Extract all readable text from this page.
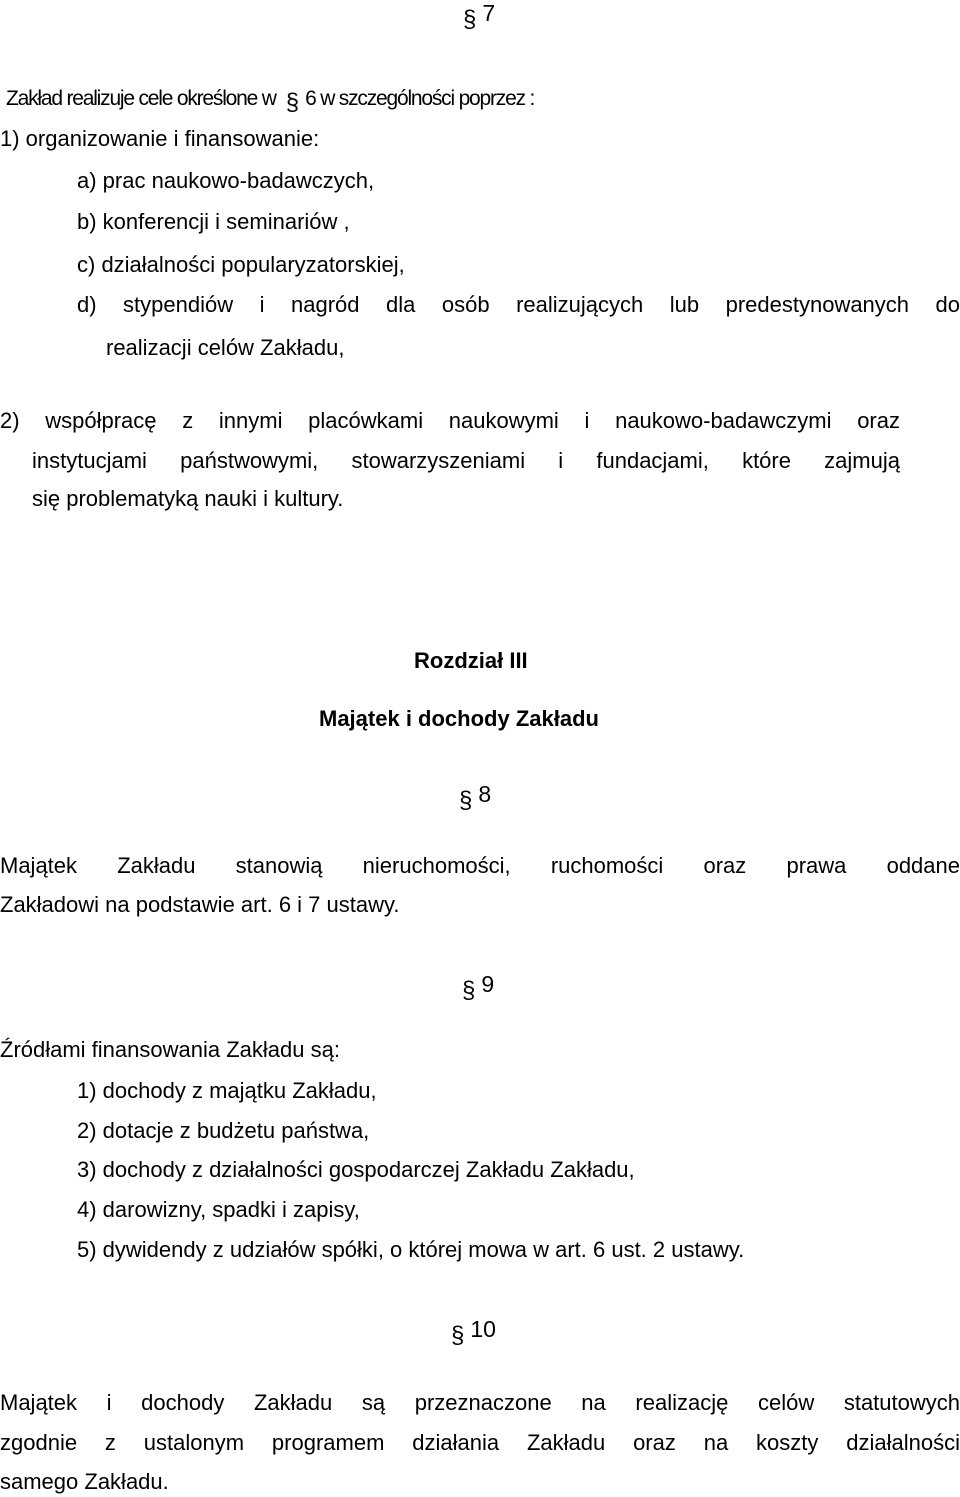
§ 7
Zakład realizuje cele określone w § 6 w szczególności poprzez :
1) organizowanie i finansowanie:
a) prac naukowo-badawczych,
b) konferencji i seminariów ,
c) działalności popularyzatorskiej,
d) stypendiów i nagród dla osób realizujących lub predestynowanych do
realizacji celów Zakładu,
2) współpracę z innymi placówkami naukowymi i naukowo-badawczymi oraz
instytucjami państwowymi, stowarzyszeniami i fundacjami, które zajmują
się problematyką nauki i kultury.
Rozdział III
Majątek i dochody Zakładu
§ 8
Majątek Zakładu stanowią nieruchomości, ruchomości oraz prawa oddane
Zakładowi na podstawie art. 6 i 7 ustawy.
§ 9
Źródłami finansowania Zakładu są:
1) dochody z majątku Zakładu,
2) dotacje z budżetu państwa,
3) dochody z działalności gospodarczej Zakładu Zakładu,
4) darowizny, spadki i zapisy,
5) dywidendy z udziałów spółki, o której mowa w art. 6 ust. 2 ustawy.
§ 10
Majątek i dochody Zakładu są przeznaczone na realizację celów statutowych
zgodnie z ustalonym programem działania Zakładu oraz na koszty działalności
samego Zakładu.
